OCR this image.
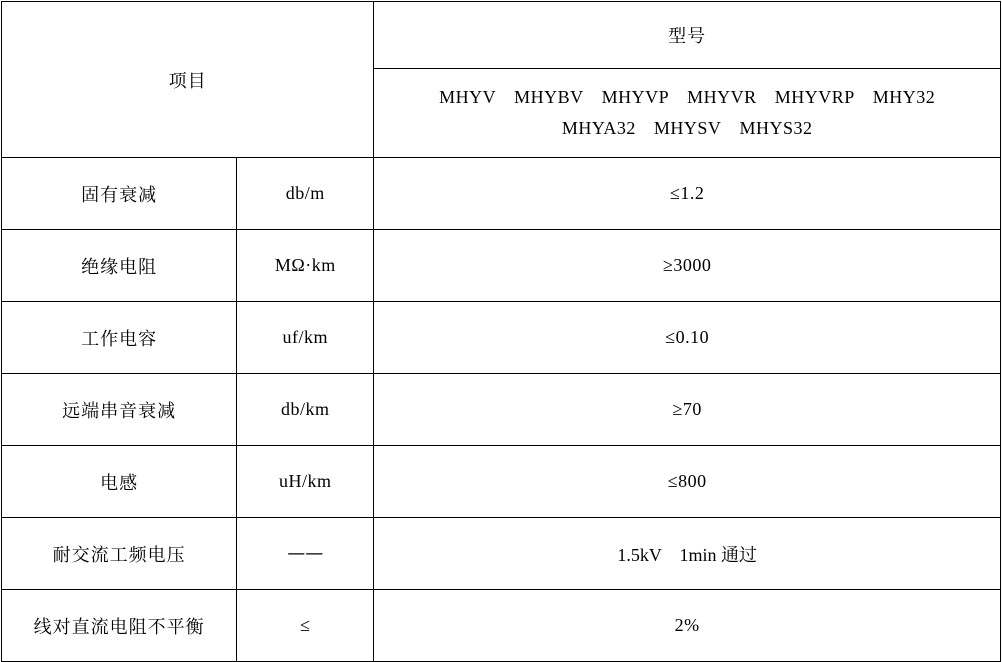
项目		型号

		MHYV MHYBV MHYVP MHYVR MHYVRP MHY32
MHYA32 MHYSV MHYS32

固有衰减	db/m	≤1.2
绝缘电阻	MΩ·km	≥3000
工作电容	uf/km	≤0.10
远端串音衰减	db/km	≥70
电感	uH/km	≤800
耐交流工频电压	——	1.5kV　1min 通过
线对直流电阻不平衡	≤	2%
